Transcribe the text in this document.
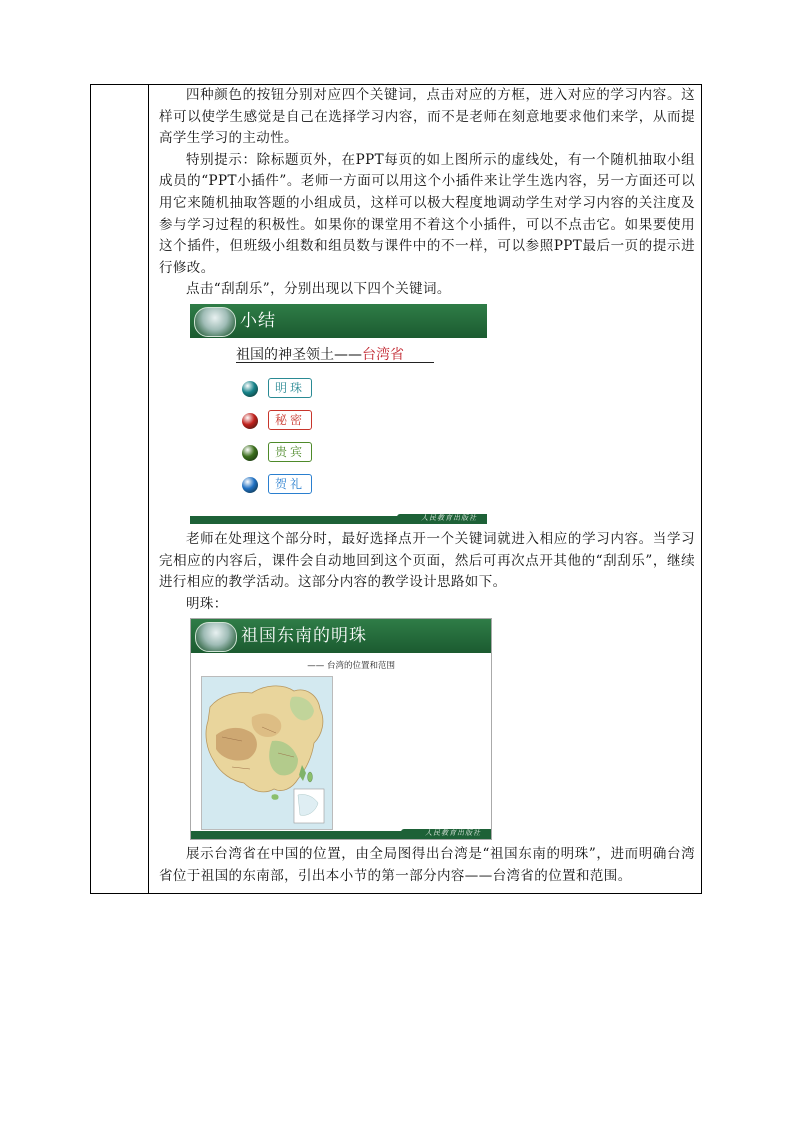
四种颜色的按钮分别对应四个关键词，点击对应的方框，进入对应的学习内容。这样可以使学生感觉是自己在选择学习内容，而不是老师在刻意地要求他们来学，从而提高学生学习的主动性。

特别提示：除标题页外，在PPT每页的如上图所示的虚线处，有一个随机抽取小组成员的“PPT小插件”。老师一方面可以用这个小插件来让学生选内容，另一方面还可以用它来随机抽取答题的小组成员，这样可以极大程度地调动学生对学习内容的关注度及参与学习过程的积极性。如果你的课堂用不着这个小插件，可以不点击它。如果要使用这个插件，但班级小组数和组员数与课件中的不一样，可以参照PPT最后一页的提示进行修改。

点击“刮刮乐”，分别出现以下四个关键词。

小结
祖国的神圣领土——台湾省
明珠
秘密
贵宾
贺礼
人民教育出版社

老师在处理这个部分时，最好选择点开一个关键词就进入相应的学习内容。当学习完相应的内容后，课件会自动地回到这个页面，然后可再次点开其他的“刮刮乐”，继续进行相应的教学活动。这部分内容的教学设计思路如下。

明珠：

祖国东南的明珠
—— 台湾的位置和范围
人民教育出版社

展示台湾省在中国的位置，由全局图得出台湾是“祖国东南的明珠”，进而明确台湾省位于祖国的东南部，引出本小节的第一部分内容——台湾省的位置和范围。
